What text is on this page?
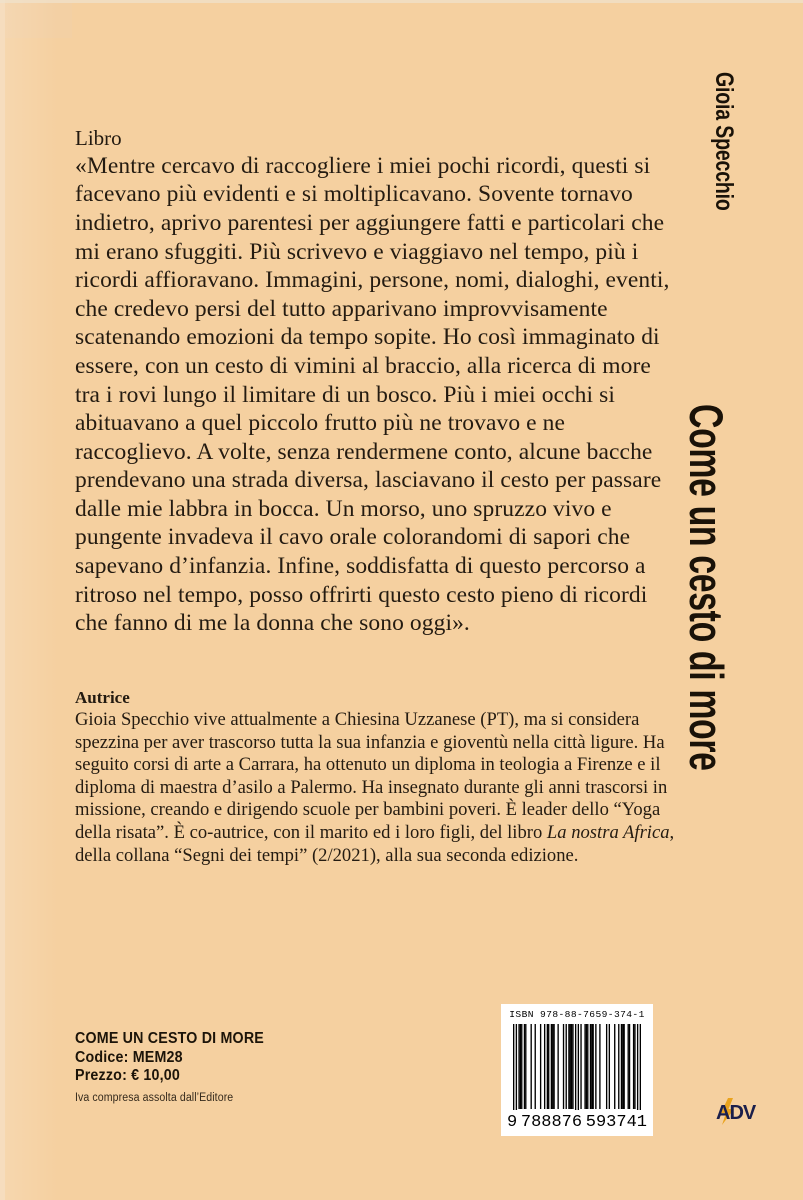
Libro

«Mentre cercavo di raccogliere i miei pochi ricordi, questi si facevano più evidenti e si moltiplicavano. Sovente tornavo indietro, aprivo parentesi per aggiungere fatti e particolari che mi erano sfuggiti. Più scrivevo e viaggiavo nel tempo, più i ricordi affioravano. Immagini, persone, nomi, dialoghi, eventi, che credevo persi del tutto apparivano improvvisamente scatenando emozioni da tempo sopite. Ho così immaginato di essere, con un cesto di vimini al braccio, alla ricerca di more tra i rovi lungo il limitare di un bosco. Più i miei occhi si abituavano a quel piccolo frutto più ne trovavo e ne raccoglievo. A volte, senza rendermene conto, alcune bacche prendevano una strada diversa, lasciavano il cesto per passare dalle mie labbra in bocca. Un morso, uno spruzzo vivo e pungente invadeva il cavo orale colorandomi di sapori che sapevano d’infanzia. Infine, soddisfatta di questo percorso a ritroso nel tempo, posso offrirti questo cesto pieno di ricordi che fanno di me la donna che sono oggi».

Autrice

Gioia Specchio vive attualmente a Chiesina Uzzanese (PT), ma si considera spezzina per aver trascorso tutta la sua infanzia e gioventù nella città ligure. Ha seguito corsi di arte a Carrara, ha ottenuto un diploma in teologia a Firenze e il diploma di maestra d’asilo a Palermo. Ha insegnato durante gli anni trascorsi in missione, creando e dirigendo scuole per bambini poveri. È leader dello “Yoga della risata”. È co-autrice, con il marito ed i loro figli, del libro La nostra Africa, della collana “Segni dei tempi” (2/2021), alla sua seconda edizione.

COME UN CESTO DI MORE
Codice: MEM28
Prezzo: € 10,00
Iva compresa assolta dall’Editore
ISBN 978-88-7659-374-1
9 788876 593741	ADV
Gioia Specchio
Come un cesto di more
